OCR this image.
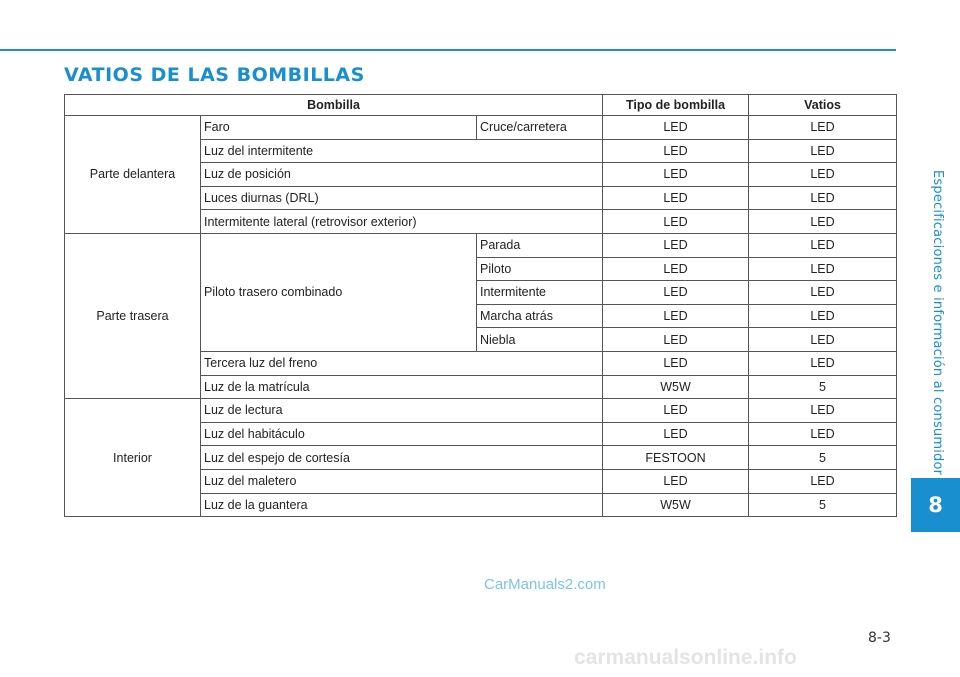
VATIOS DE LAS BOMBILLAS
Especificaciones e información al consumidor
8
Bombilla			Tipo de bombilla	Vatios
Parte delantera	Faro	Cruce/carretera	LED	LED
	Luz del intermitente		LED	LED
	Luz de posición		LED	LED
	Luces diurnas (DRL)		LED	LED
	Intermitente lateral (retrovisor exterior)		LED	LED
Parte trasera	Piloto trasero combinado	Parada	LED	LED
		Piloto	LED	LED
		Intermitente	LED	LED
		Marcha atrás	LED	LED
		Niebla	LED	LED
	Tercera luz del freno		LED	LED
	Luz de la matrícula		W5W	5
Interior	Luz de lectura		LED	LED
	Luz del habitáculo		LED	LED
	Luz del espejo de cortesía		FESTOON	5
	Luz del maletero		LED	LED
	Luz de la guantera		W5W	5
CarManuals2.com
8-3
carmanualsonline.info
